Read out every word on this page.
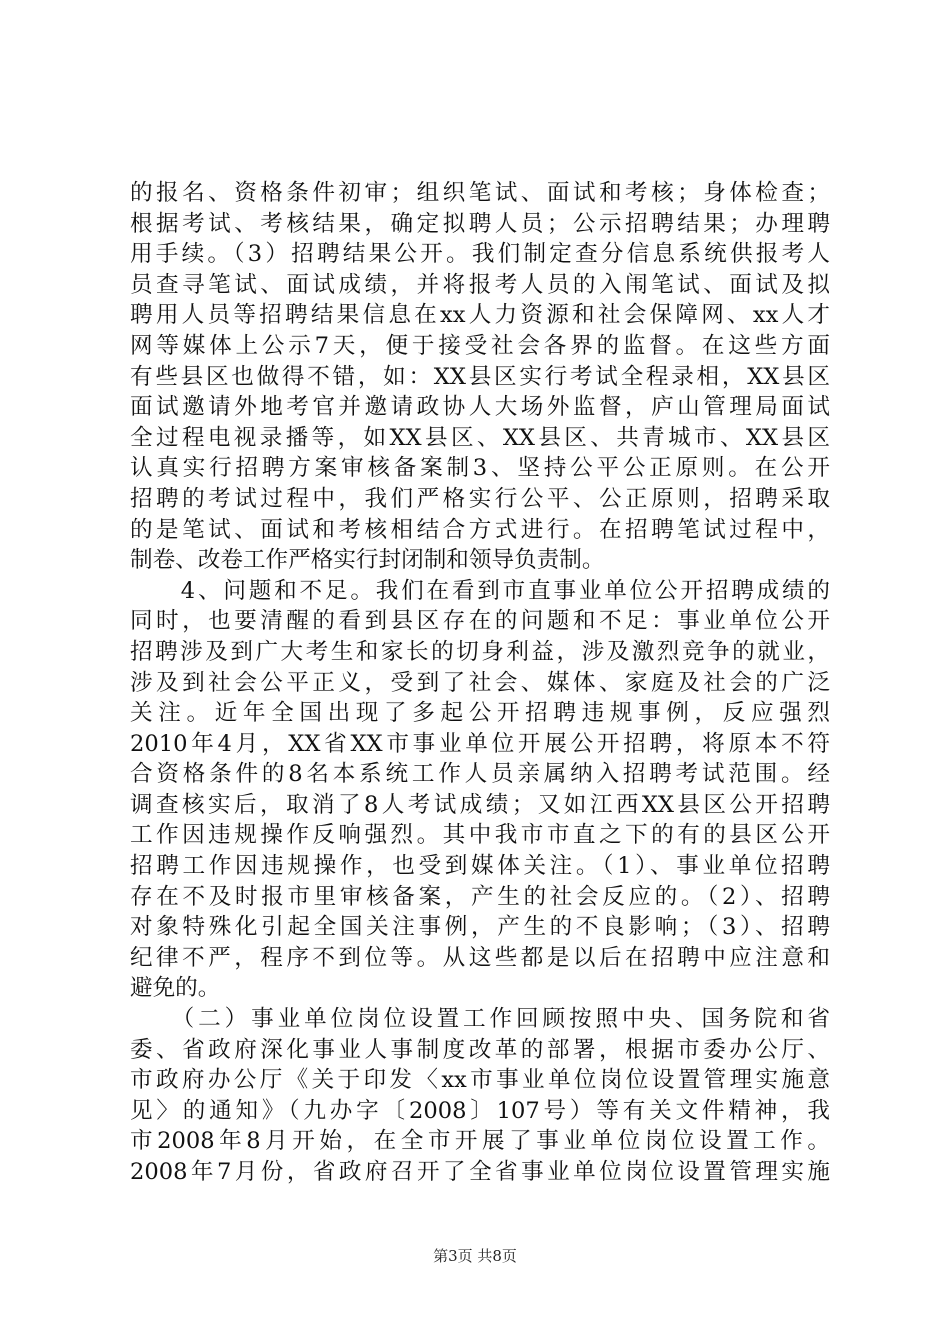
的报名、资格条件初审；组织笔试、面试和考核；身体检查；
根据考试、考核结果，确定拟聘人员；公示招聘结果；办理聘
用手续。（3）招聘结果公开。我们制定查分信息系统供报考人
员查寻笔试、面试成绩，并将报考人员的入闱笔试、面试及拟
聘用人员等招聘结果信息在xx人力资源和社会保障网、xx人才
网等媒体上公示7天，便于接受社会各界的监督。在这些方面
有些县区也做得不错，如：XX县区实行考试全程录相，XX县区
面试邀请外地考官并邀请政协人大场外监督，庐山管理局面试
全过程电视录播等，如XX县区、XX县区、共青城市、XX县区
认真实行招聘方案审核备案制3、坚持公平公正原则。在公开
招聘的考试过程中，我们严格实行公平、公正原则，招聘采取
的是笔试、面试和考核相结合方式进行。在招聘笔试过程中，
制卷、改卷工作严格实行封闭制和领导负责制。
　　4、问题和不足。我们在看到市直事业单位公开招聘成绩的
同时，也要清醒的看到县区存在的问题和不足：事业单位公开
招聘涉及到广大考生和家长的切身利益，涉及激烈竞争的就业，
涉及到社会公平正义，受到了社会、媒体、家庭及社会的广泛
关注。近年全国出现了多起公开招聘违规事例，反应强烈
2010年4月，XX省XX市事业单位开展公开招聘，将原本不符
合资格条件的8名本系统工作人员亲属纳入招聘考试范围。经
调查核实后，取消了8人考试成绩；又如江西XX县区公开招聘
工作因违规操作反响强烈。其中我市市直之下的有的县区公开
招聘工作因违规操作，也受到媒体关注。（1）、事业单位招聘
存在不及时报市里审核备案，产生的社会反应的。（2）、招聘
对象特殊化引起全国关注事例，产生的不良影响；（3）、招聘
纪律不严，程序不到位等。从这些都是以后在招聘中应注意和
避免的。
　　（二）事业单位岗位设置工作回顾按照中央、国务院和省
委、省政府深化事业人事制度改革的部署，根据市委办公厅、
市政府办公厅《关于印发〈xx市事业单位岗位设置管理实施意
见〉的通知》（九办字〔2008〕107号）等有关文件精神，我
市2008年8月开始，在全市开展了事业单位岗位设置工作。
2008年7月份，省政府召开了全省事业单位岗位设置管理实施
第3页 共8页
